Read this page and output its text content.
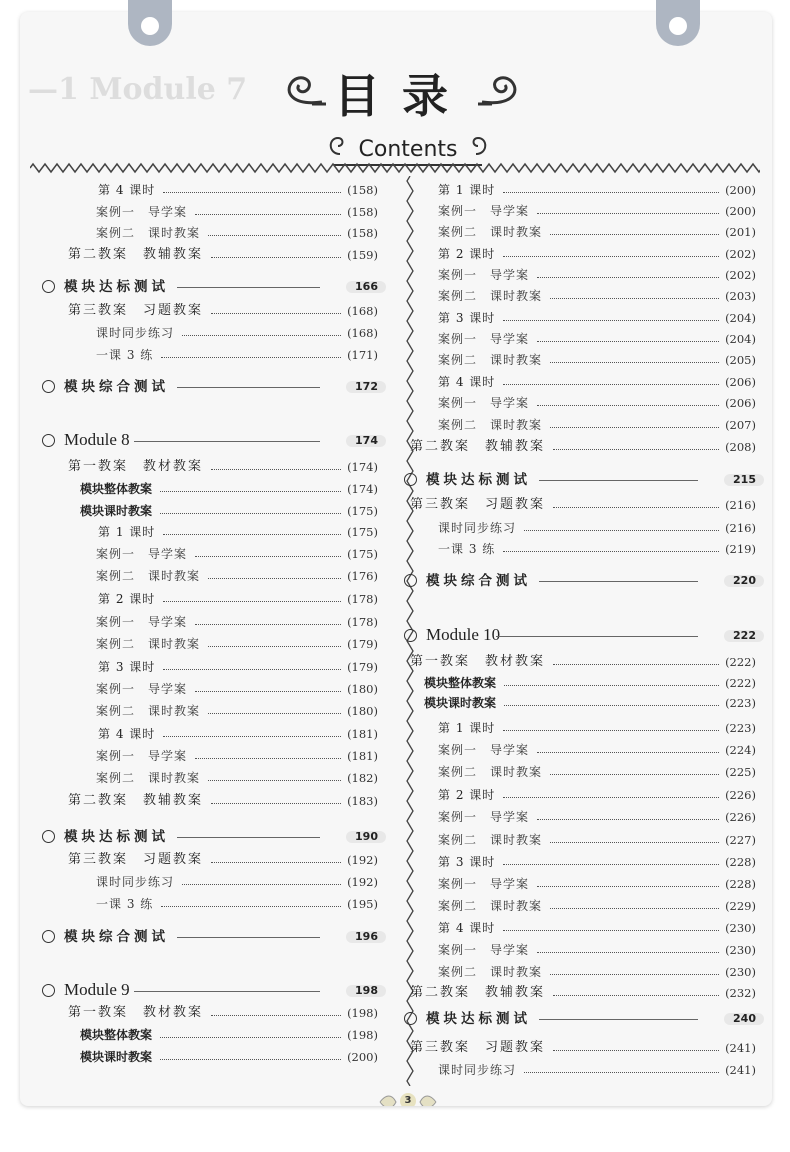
—1 Module 7	目录
Contents
第 4 课时	(158)
案例一　导学案	(158)
案例二　课时教案	(158)
第二教案　教辅教案	(159)
模块达标测试	166
第三教案　习题教案	(168)
课时同步练习	(168)
一课 3 练	(171)
模块综合测试	172
Module 8	174
第一教案　教材教案	(174)
模块整体教案	(174)
模块课时教案	(175)
第 1 课时	(175)
案例一　导学案	(175)
案例二　课时教案	(176)
第 2 课时	(178)
案例一　导学案	(178)
案例二　课时教案	(179)
第 3 课时	(179)
案例一　导学案	(180)
案例二　课时教案	(180)
第 4 课时	(181)
案例一　导学案	(181)
案例二　课时教案	(182)
第二教案　教辅教案	(183)
模块达标测试	190
第三教案　习题教案	(192)
课时同步练习	(192)
一课 3 练	(195)
模块综合测试	196
Module 9	198
第一教案　教材教案	(198)
模块整体教案	(198)
模块课时教案	(200)
第 1 课时	(200)
案例一　导学案	(200)
案例二　课时教案	(201)
第 2 课时	(202)
案例一　导学案	(202)
案例二　课时教案	(203)
第 3 课时	(204)
案例一　导学案	(204)
案例二　课时教案	(205)
第 4 课时	(206)
案例一　导学案	(206)
案例二　课时教案	(207)
第二教案　教辅教案	(208)
模块达标测试	215
第三教案　习题教案	(216)
课时同步练习	(216)
一课 3 练	(219)
模块综合测试	220
Module 10	222
第一教案　教材教案	(222)
模块整体教案	(222)
模块课时教案	(223)
第 1 课时	(223)
案例一　导学案	(224)
案例二　课时教案	(225)
第 2 课时	(226)
案例一　导学案	(226)
案例二　课时教案	(227)
第 3 课时	(228)
案例一　导学案	(228)
案例二　课时教案	(229)
第 4 课时	(230)
案例一　导学案	(230)
案例二　课时教案	(230)
第二教案　教辅教案	(232)
模块达标测试	240
第三教案　习题教案	(241)
课时同步练习	(241)
3
